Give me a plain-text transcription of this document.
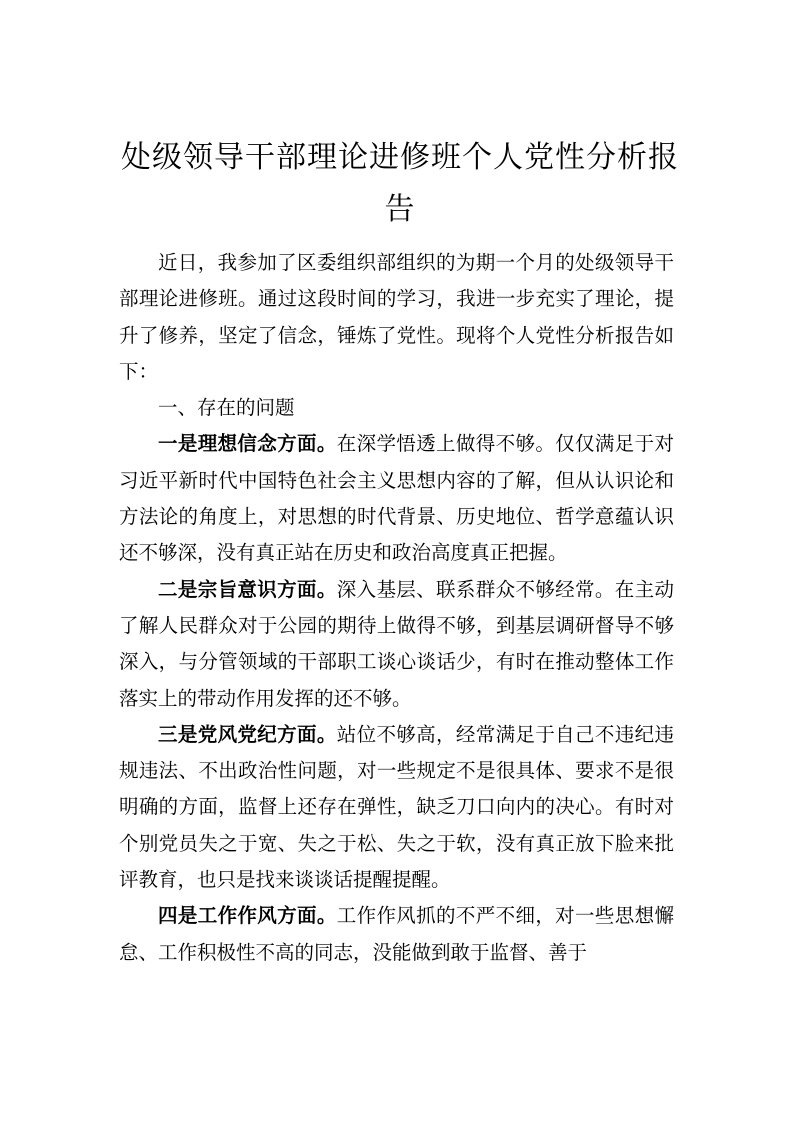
处级领导干部理论进修班个人党性分析报
告

近日，我参加了区委组织部组织的为期一个月的处级领导干部理论进修班。通过这段时间的学习，我进一步充实了理论，提升了修养，坚定了信念，锤炼了党性。现将个人党性分析报告如下：

一、存在的问题

一是理想信念方面。在深学悟透上做得不够。仅仅满足于对习近平新时代中国特色社会主义思想内容的了解，但从认识论和方法论的角度上，对思想的时代背景、历史地位、哲学意蕴认识还不够深，没有真正站在历史和政治高度真正把握。

二是宗旨意识方面。深入基层、联系群众不够经常。在主动了解人民群众对于公园的期待上做得不够，到基层调研督导不够深入，与分管领域的干部职工谈心谈话少，有时在推动整体工作落实上的带动作用发挥的还不够。

三是党风党纪方面。站位不够高，经常满足于自己不违纪违规违法、不出政治性问题，对一些规定不是很具体、要求不是很明确的方面，监督上还存在弹性，缺乏刀口向内的决心。有时对个别党员失之于宽、失之于松、失之于软，没有真正放下脸来批评教育，也只是找来谈谈话提醒提醒。

四是工作作风方面。工作作风抓的不严不细，对一些思想懈怠、工作积极性不高的同志，没能做到敢于监督、善于
